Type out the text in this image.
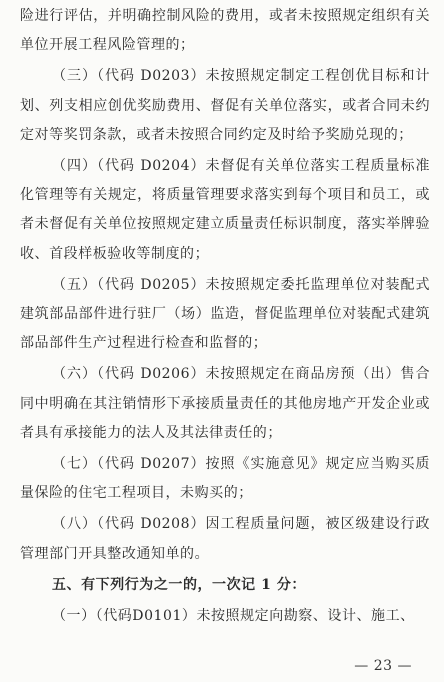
险进行评估，并明确控制风险的费用，或者未按照规定组织有关单位开展工程风险管理的；

（三）（代码 D0203）未按照规定制定工程创优目标和计划、列支相应创优奖励费用、督促有关单位落实，或者合同未约定对等奖罚条款，或者未按照合同约定及时给予奖励兑现的；

（四）（代码 D0204）未督促有关单位落实工程质量标准化管理等有关规定，将质量管理要求落实到每个项目和员工，或者未督促有关单位按照规定建立质量责任标识制度，落实举牌验收、首段样板验收等制度的；

（五）（代码 D0205）未按照规定委托监理单位对装配式建筑部品部件进行驻厂（场）监造，督促监理单位对装配式建筑部品部件生产过程进行检查和监督的；

（六）（代码 D0206）未按照规定在商品房预（出）售合同中明确在其注销情形下承接质量责任的其他房地产开发企业或者具有承接能力的法人及其法律责任的；

（七）（代码 D0207）按照《实施意见》规定应当购买质量保险的住宅工程项目，未购买的；

（八）（代码 D0208）因工程质量问题，被区级建设行政管理部门开具整改通知单的。

五、有下列行为之一的，一次记 1 分：

（一）（代码D0101）未按照规定向勘察、设计、施工、

— 23 —
